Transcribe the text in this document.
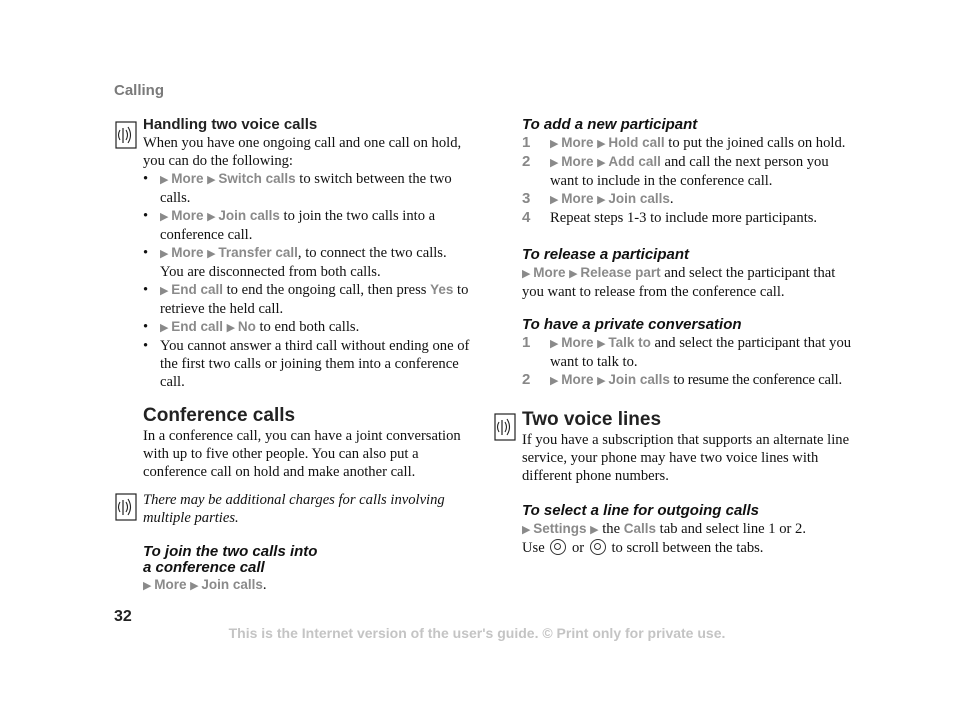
Calling
Handling two voice calls
When you have one ongoing call and one call on hold, you can do the following:
• ▶ More ▶ Switch calls to switch between the two calls.
• ▶ More ▶ Join calls to join the two calls into a conference call.
• ▶ More ▶ Transfer call, to connect the two calls. You are disconnected from both calls.
• ▶ End call to end the ongoing call, then press Yes to retrieve the held call.
• ▶ End call ▶ No to end both calls.
• You cannot answer a third call without ending one of the first two calls or joining them into a conference call.
Conference calls
In a conference call, you can have a joint conversation with up to five other people. You can also put a conference call on hold and make another call.
There may be additional charges for calls involving multiple parties.
To join the two calls into
a conference call
▶ More ▶ Join calls.
To add a new participant
1	▶ More ▶ Hold call to put the joined calls on hold.
2	▶ More ▶ Add call and call the next person you want to include in the conference call.
3	▶ More ▶ Join calls.
4	Repeat steps 1-3 to include more participants.
To release a participant
▶ More ▶ Release part and select the participant that you want to release from the conference call.
To have a private conversation
1	▶ More ▶ Talk to and select the participant that you want to talk to.
2	▶ More ▶ Join calls to resume the conference call.
Two voice lines
If you have a subscription that supports an alternate line service, your phone may have two voice lines with different phone numbers.
To select a line for outgoing calls
▶ Settings ▶ the Calls tab and select line 1 or 2.
Use  or  to scroll between the tabs.
32
This is the Internet version of the user's guide. © Print only for private use.
